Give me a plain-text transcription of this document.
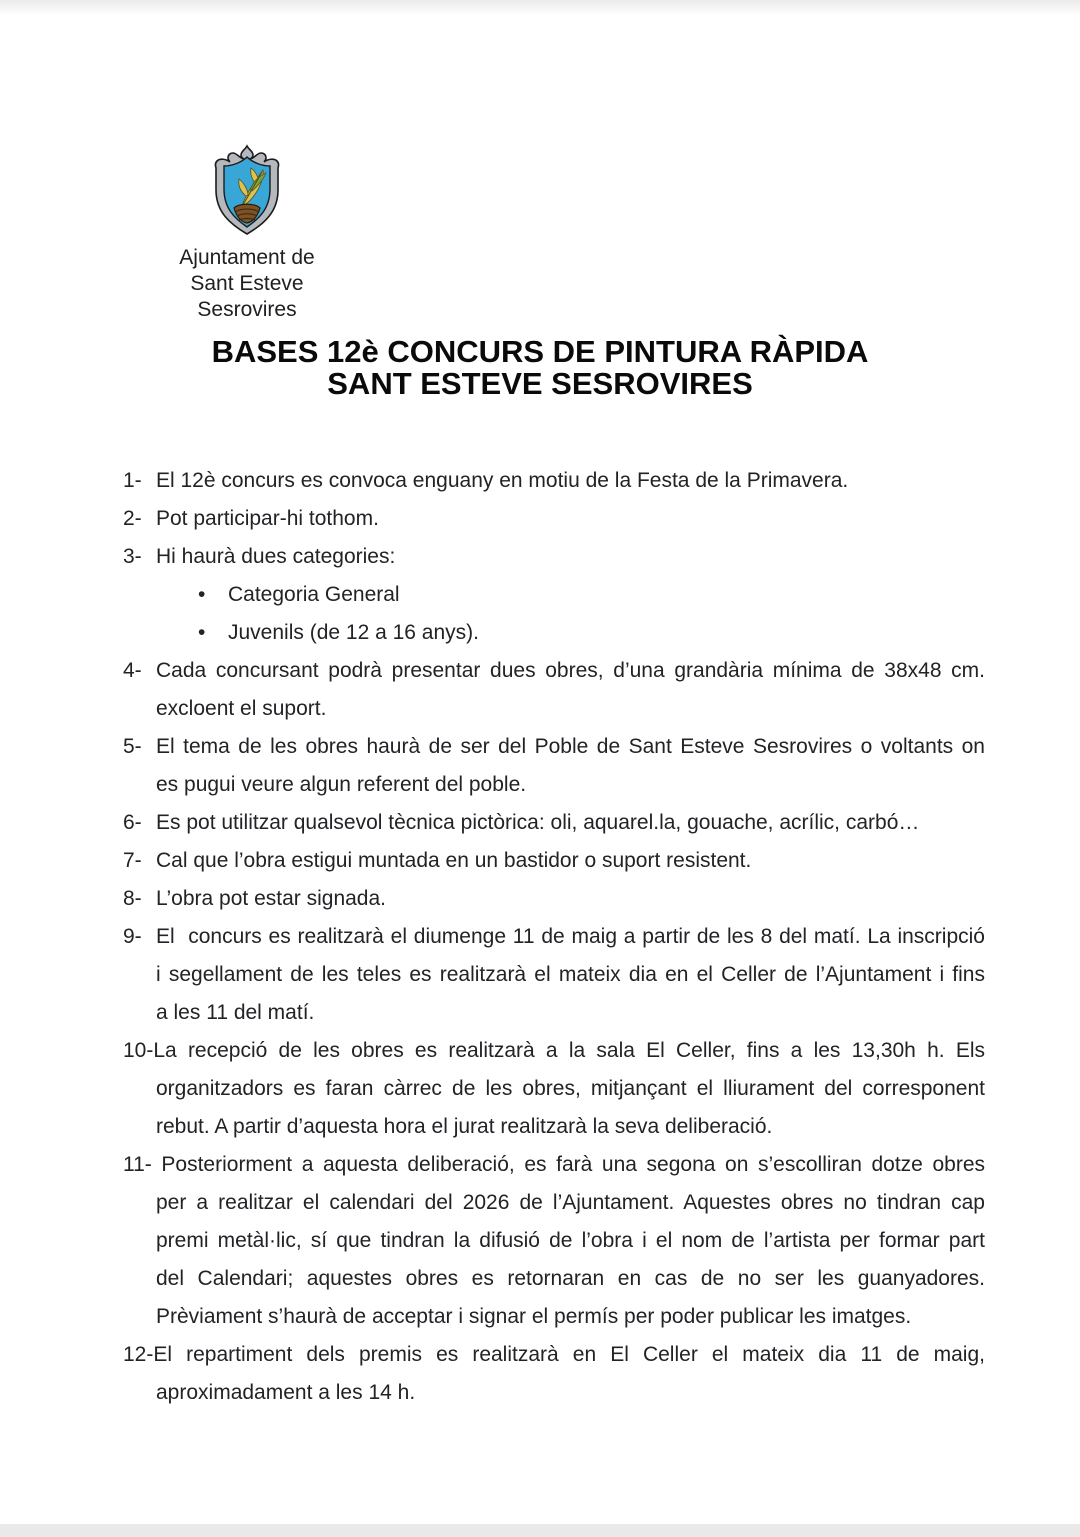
Ajuntament de
Sant Esteve Sesrovires
BASES 12è CONCURS DE PINTURA RÀPIDA
SANT ESTEVE SESROVIRES
1- El 12è concurs es convoca enguany en motiu de la Festa de la Primavera.
2- Pot participar-hi tothom.
3- Hi haurà dues categories:
• Categoria General
• Juvenils (de 12 a 16 anys).
4- Cada concursant podrà presentar dues obres, d’una grandària mínima de 38x48 cm.
excloent el suport.
5- El tema de les obres haurà de ser del Poble de Sant Esteve Sesrovires o voltants on
es pugui veure algun referent del poble.
6- Es pot utilitzar qualsevol tècnica pictòrica: oli, aquarel.la, gouache, acrílic, carbó…
7- Cal que l’obra estigui muntada en un bastidor o suport resistent.
8- L’obra pot estar signada.
9- El  concurs es realitzarà el diumenge 11 de maig a partir de les 8 del matí. La inscripció
i segellament de les teles es realitzarà el mateix dia en el Celler de l’Ajuntament i fins
a les 11 del matí.
10-La recepció de les obres es realitzarà a la sala El Celler, fins a les 13,30h h. Els
organitzadors es faran càrrec de les obres, mitjançant el lliurament del corresponent
rebut. A partir d’aquesta hora el jurat realitzarà la seva deliberació.
11- Posteriorment a aquesta deliberació, es farà una segona on s’escolliran dotze obres
per a realitzar el calendari del 2026 de l’Ajuntament. Aquestes obres no tindran cap
premi metàl·lic, sí que tindran la difusió de l’obra i el nom de l’artista per formar part
del Calendari; aquestes obres es retornaran en cas de no ser les guanyadores.
Prèviament s’haurà de acceptar i signar el permís per poder publicar les imatges.
12-El repartiment dels premis es realitzarà en El Celler el mateix dia 11 de maig,
aproximadament a les 14 h.
